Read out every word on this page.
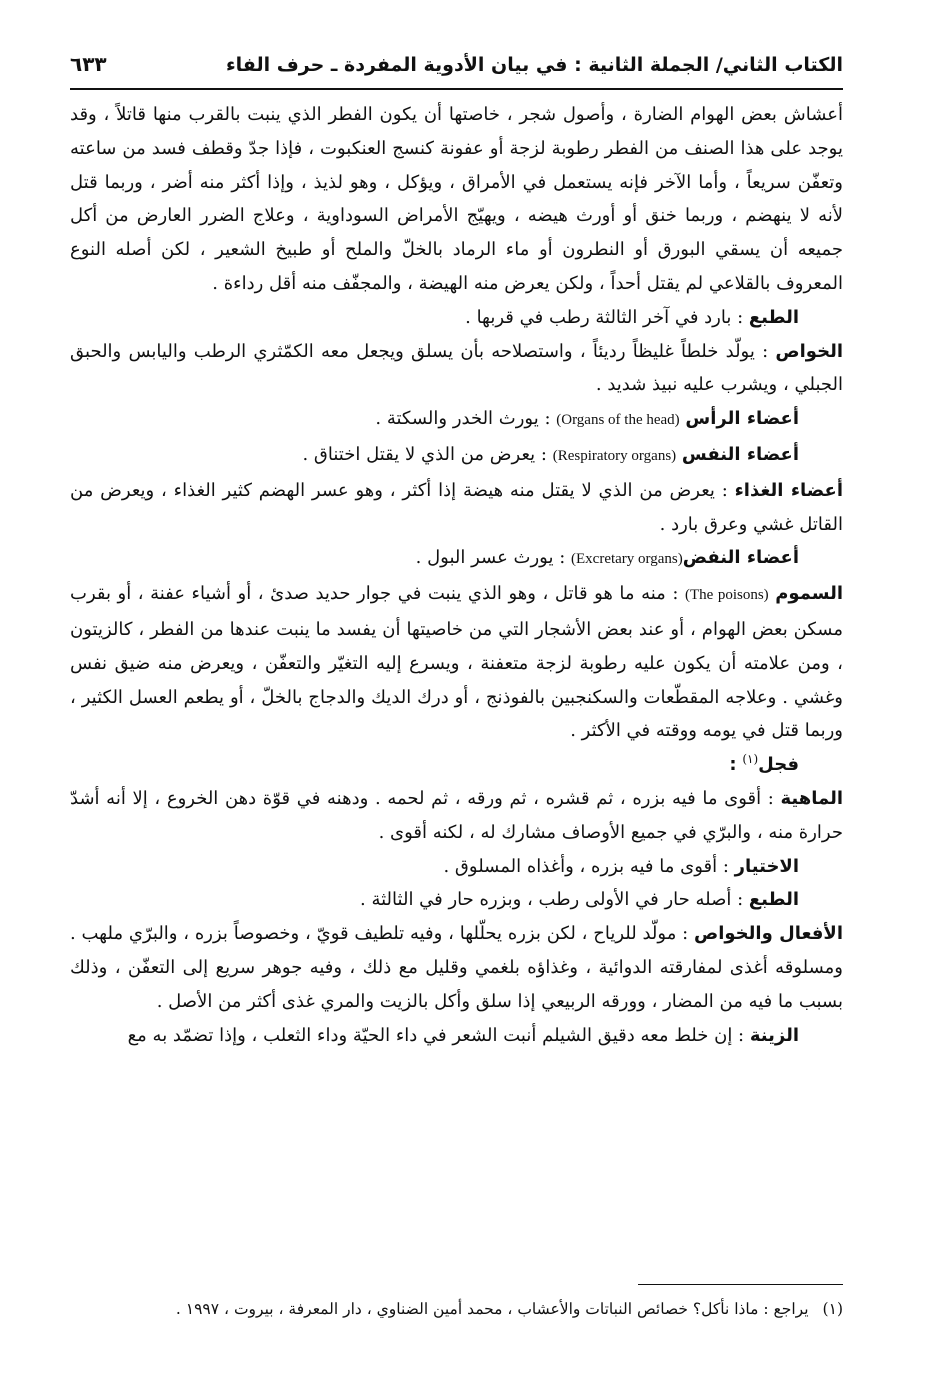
الكتاب الثاني/ الجملة الثانية : في بيان الأدوية المفردة ـ حرف الفاء
٦٣٣

أعشاش بعض الهوام الضارة ، وأصول شجر ، خاصتها أن يكون الفطر الذي ينبت بالقرب منها قاتلاً ، وقد يوجد على هذا الصنف من الفطر رطوبة لزجة أو عفونة كنسج العنكبوت ، فإذا جدّ وقطف فسد من ساعته وتعفّن سريعاً ، وأما الآخر فإنه يستعمل في الأمراق ، ويؤكل ، وهو لذيذ ، وإذا أكثر منه أضر ، وربما قتل لأنه لا ينهضم ، وربما خنق أو أورث هيضه ، ويهيّج الأمراض السوداوية ، وعلاج الضرر العارض من أكل جميعه أن يسقي البورق أو النطرون أو ماء الرماد بالخلّ والملح أو طبيخ الشعير ، لكن أصله النوع المعروف بالقلاعي لم يقتل أحداً ، ولكن يعرض منه الهيضة ، والمجفّف منه أقل رداءة .

الطبع : بارد في آخر الثالثة رطب في قربها .

الخواص : يولّد خلطاً غليظاً رديئاً ، واستصلاحه بأن يسلق ويجعل معه الكمّثري الرطب واليابس والحبق الجبلي ، ويشرب عليه نبيذ شديد .

أعضاء الرأس (Organs of the head) : يورث الخدر والسكتة .

أعضاء النفس (Respiratory organs) : يعرض من الذي لا يقتل اختناق .

أعضاء الغذاء : يعرض من الذي لا يقتل منه هيضة إذا أكثر ، وهو عسر الهضم كثير الغذاء ، ويعرض من القاتل غشي وعرق بارد .

أعضاء النفض(Excretary organs) : يورث عسر البول .

السموم (The poisons) : منه ما هو قاتل ، وهو الذي ينبت في جوار حديد صدئ ، أو أشياء عفنة ، أو بقرب مسكن بعض الهوام ، أو عند بعض الأشجار التي من خاصيتها أن يفسد ما ينبت عندها من الفطر ، كالزيتون ، ومن علامته أن يكون عليه رطوبة لزجة متعفنة ، ويسرع إليه التغيّر والتعفّن ، ويعرض منه ضيق نفس وغشي . وعلاجه المقطّعات والسكنجبين بالفوذنج ، أو درك الديك والدجاج بالخلّ ، أو يطعم العسل الكثير ، وربما قتل في يومه ووقته في الأكثر .

فجل$^{(١)}$ :

الماهية : أقوى ما فيه بزره ، ثم قشره ، ثم ورقه ، ثم لحمه . ودهنه في قوّة دهن الخروع ، إلا أنه أشدّ حرارة منه ، والبرّي في جميع الأوصاف مشارك له ، لكنه أقوى .

الاختيار : أقوى ما فيه بزره ، وأغذاه المسلوق .

الطبع : أصله حار في الأولى رطب ، وبزره حار في الثالثة .

الأفعال والخواص : مولّد للرياح ، لكن بزره يحلّلها ، وفيه تلطيف قويّ ، وخصوصاً بزره ، والبرّي ملهب . ومسلوقه أغذى لمفارقته الدوائية ، وغذاؤه بلغمي وقليل مع ذلك ، وفيه جوهر سريع إلى التعفّن ، وذلك بسبب ما فيه من المضار ، وورقه الربيعي إذا سلق وأكل بالزيت والمري غذى أكثر من الأصل .

الزينة : إن خلط معه دقيق الشيلم أنبت الشعر في داء الحيّة وداء الثعلب ، وإذا تضمّد به مع

(١)
يراجع : ماذا نأكل؟ خصائص النباتات والأعشاب ، محمد أمين الضناوي ، دار المعرفة ، بيروت ، ١٩٩٧ .
